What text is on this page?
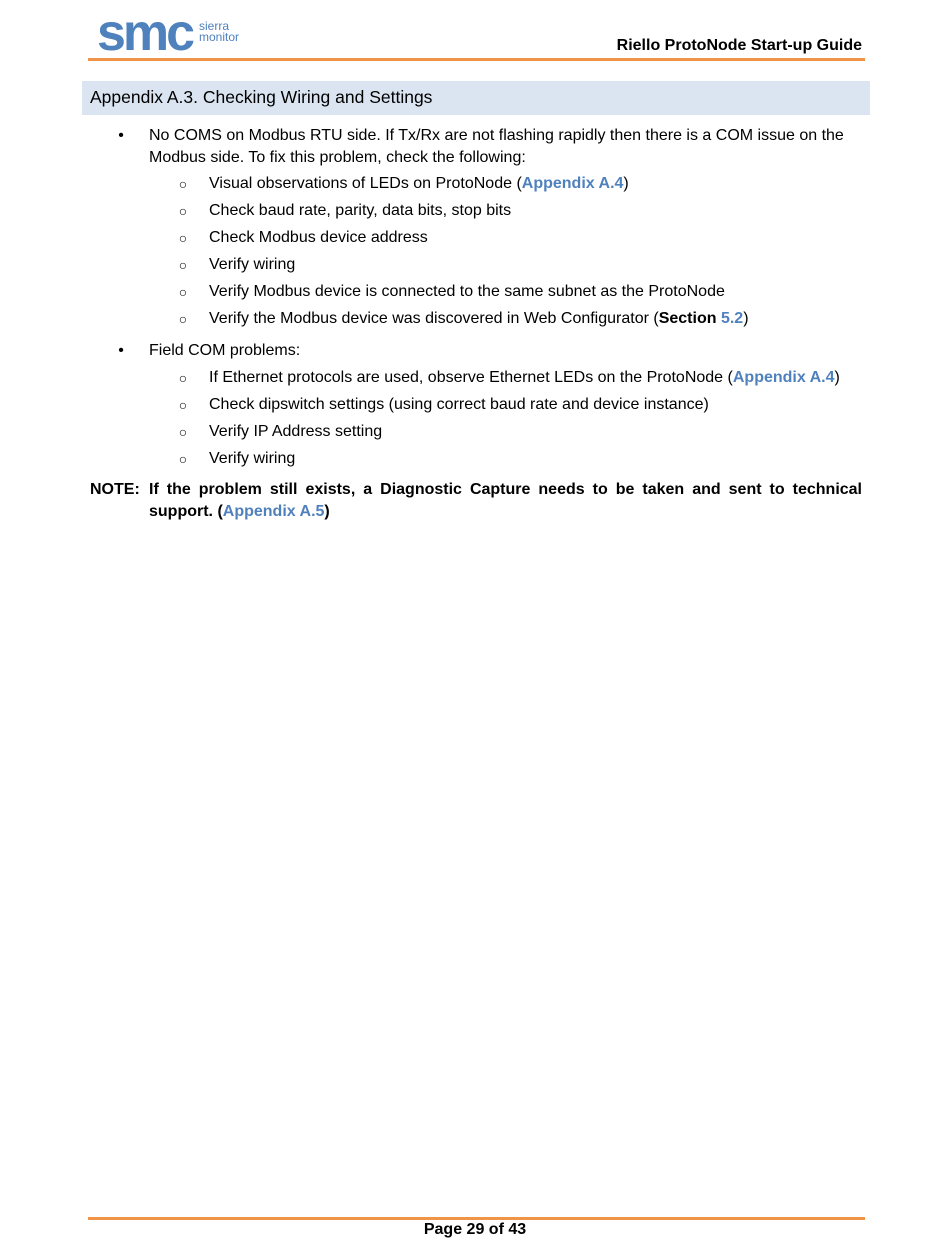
smc sierra
monitor	Riello ProtoNode Start-up Guide
Appendix A.3. Checking Wiring and Settings
• No COMS on Modbus RTU side. If Tx/Rx are not flashing rapidly then there is a COM issue on the Modbus side. To fix this problem, check the following:
○ Visual observations of LEDs on ProtoNode (Appendix A.4)
○ Check baud rate, parity, data bits, stop bits
○ Check Modbus device address
○ Verify wiring
○ Verify Modbus device is connected to the same subnet as the ProtoNode
○ Verify the Modbus device was discovered in Web Configurator (Section 5.2)
• Field COM problems:
○ If Ethernet protocols are used, observe Ethernet LEDs on the ProtoNode (Appendix A.4)
○ Check dipswitch settings (using correct baud rate and device instance)
○ Verify IP Address setting
○ Verify wiring
NOTE: If the problem still exists, a Diagnostic Capture needs to be taken and sent to technical support. (Appendix A.5)
Page 29 of 43
